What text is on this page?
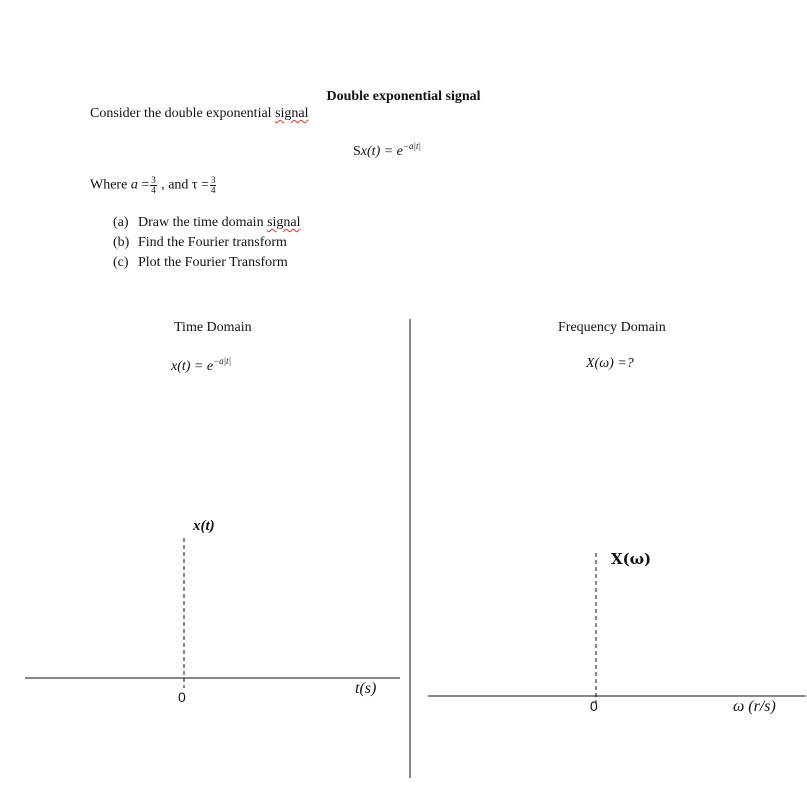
Double exponential signal
Consider the double exponential signal
$Sx(t) = e^{-a|t|}$
Where $a = \frac{3}{4}$ , and $\tau = \frac{3}{4}$
(a) Draw the time domain signal
(b) Find the Fourier transform
(c) Plot the Fourier Transform
Time Domain	Frequency Domain
$x(t) = e^{-a|t|}$	X(ω) =?
x(t)
0	t(s)
X(ω)
0	ω (r/s)
